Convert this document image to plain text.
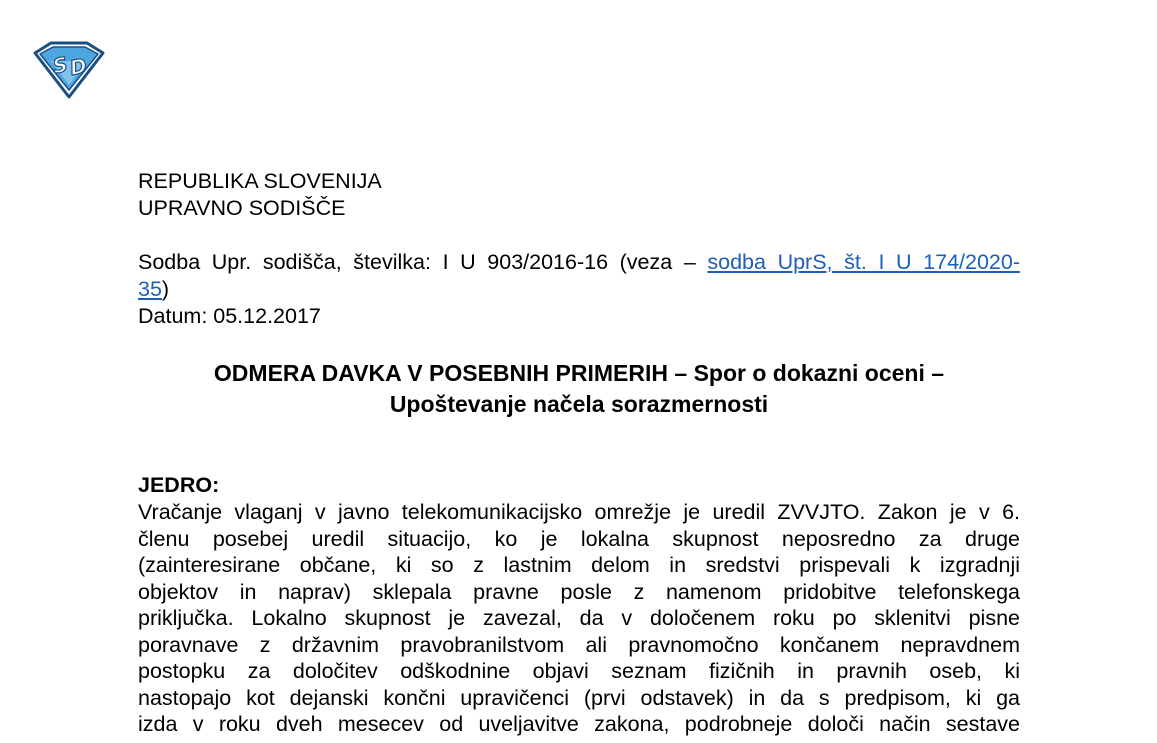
S
D
REPUBLIKA SLOVENIJA
UPRAVNO SODIŠČE
Sodba Upr. sodišča, številka: I U 903/2016-16 (veza – sodba UprS, št. I U 174/2020-
35)
Datum: 05.12.2017
ODMERA DAVKA V POSEBNIH PRIMERIH – Spor o dokazni oceni –
Upoštevanje načela sorazmernosti
JEDRO:
Vračanje vlaganj v javno telekomunikacijsko omrežje je uredil ZVVJTO. Zakon je v 6.
členu posebej uredil situacijo, ko je lokalna skupnost neposredno za druge
(zainteresirane občane, ki so z lastnim delom in sredstvi prispevali k izgradnji
objektov in naprav) sklepala pravne posle z namenom pridobitve telefonskega
priključka. Lokalno skupnost je zavezal, da v določenem roku po sklenitvi pisne
poravnave z državnim pravobranilstvom ali pravnomočno končanem nepravdnem
postopku za določitev odškodnine objavi seznam fizičnih in pravnih oseb, ki
nastopajo kot dejanski končni upravičenci (prvi odstavek) in da s predpisom, ki ga
izda v roku dveh mesecev od uveljavitve zakona, podrobneje določi način sestave
